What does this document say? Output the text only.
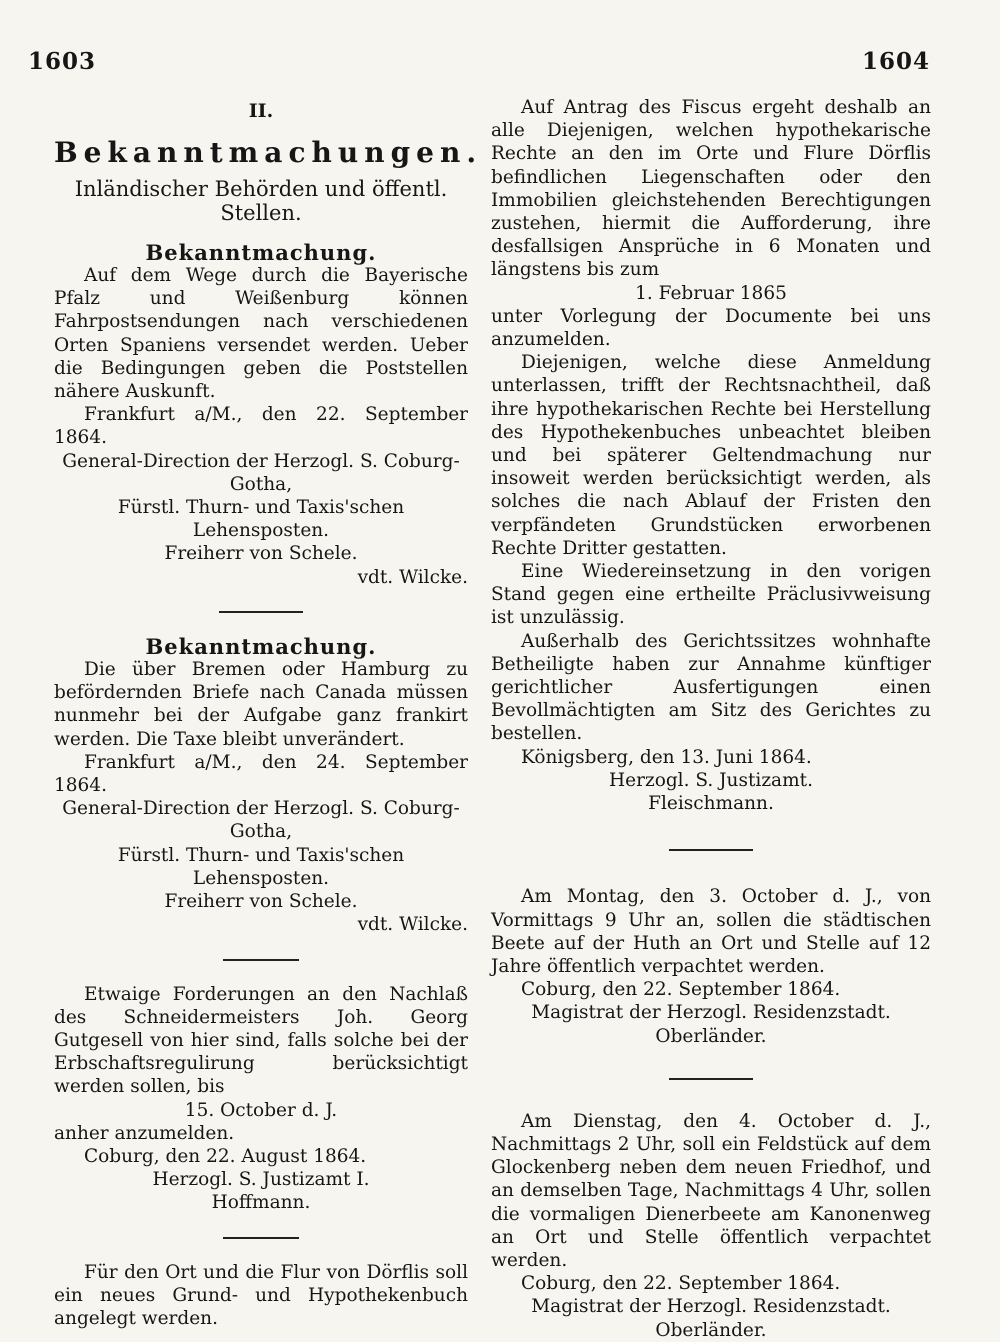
1603	1604
II.
Bekanntmachungen.
Inländischer Behörden und öffentl. Stellen.
Bekanntmachung.

Auf dem Wege durch die Bayerische Pfalz und Weißenburg können Fahrpostsendungen nach verschiedenen Orten Spaniens versendet werden. Ueber die Bedingungen geben die Poststellen nähere Auskunft.

Frankfurt a/M., den 22. September 1864.

General-Direction der Herzogl. S. Coburg-Gotha,

Fürstl. Thurn- und Taxis'schen Lehensposten.

Freiherr von Schele.

vdt. Wilcke.

Bekanntmachung.

Die über Bremen oder Hamburg zu befördernden Briefe nach Canada müssen nunmehr bei der Aufgabe ganz frankirt werden. Die Taxe bleibt unverändert.

Frankfurt a/M., den 24. September 1864.

General-Direction der Herzogl. S. Coburg-Gotha,

Fürstl. Thurn- und Taxis'schen Lehensposten.

Freiherr von Schele.

vdt. Wilcke.

Etwaige Forderungen an den Nachlaß des Schneidermeisters Joh. Georg Gutgesell von hier sind, falls solche bei der Erbschaftsregulirung berücksichtigt werden sollen, bis

15. October d. J.

anher anzumelden.

Coburg, den 22. August 1864.

Herzogl. S. Justizamt I.

Hoffmann.

Für den Ort und die Flur von Dörflis soll ein neues Grund- und Hypothekenbuch angelegt werden.

Auf Antrag des Fiscus ergeht deshalb an alle Diejenigen, welchen hypothekarische Rechte an den im Orte und Flure Dörflis befindlichen Liegenschaften oder den Immobilien gleichstehenden Berechtigungen zustehen, hiermit die Aufforderung, ihre desfallsigen Ansprüche in 6 Monaten und längstens bis zum

1. Februar 1865

unter Vorlegung der Documente bei uns anzumelden.

Diejenigen, welche diese Anmeldung unterlassen, trifft der Rechtsnachtheil, daß ihre hypothekarischen Rechte bei Herstellung des Hypothekenbuches unbeachtet bleiben und bei späterer Geltendmachung nur insoweit werden berücksichtigt werden, als solches die nach Ablauf der Fristen den verpfändeten Grundstücken erworbenen Rechte Dritter gestatten.

Eine Wiedereinsetzung in den vorigen Stand gegen eine ertheilte Präclusivweisung ist unzulässig.

Außerhalb des Gerichtssitzes wohnhafte Betheiligte haben zur Annahme künftiger gerichtlicher Ausfertigungen einen Bevollmächtigten am Sitz des Gerichtes zu bestellen.

Königsberg, den 13. Juni 1864.

Herzogl. S. Justizamt.

Fleischmann.

Am Montag, den 3. October d. J., von Vormittags 9 Uhr an, sollen die städtischen Beete auf der Huth an Ort und Stelle auf 12 Jahre öffentlich verpachtet werden.

Coburg, den 22. September 1864.

Magistrat der Herzogl. Residenzstadt.

Oberländer.

Am Dienstag, den 4. October d. J., Nachmittags 2 Uhr, soll ein Feldstück auf dem Glockenberg neben dem neuen Friedhof, und an demselben Tage, Nachmittags 4 Uhr, sollen die vormaligen Dienerbeete am Kanonenweg an Ort und Stelle öffentlich verpachtet werden.

Coburg, den 22. September 1864.

Magistrat der Herzogl. Residenzstadt.

Oberländer.
